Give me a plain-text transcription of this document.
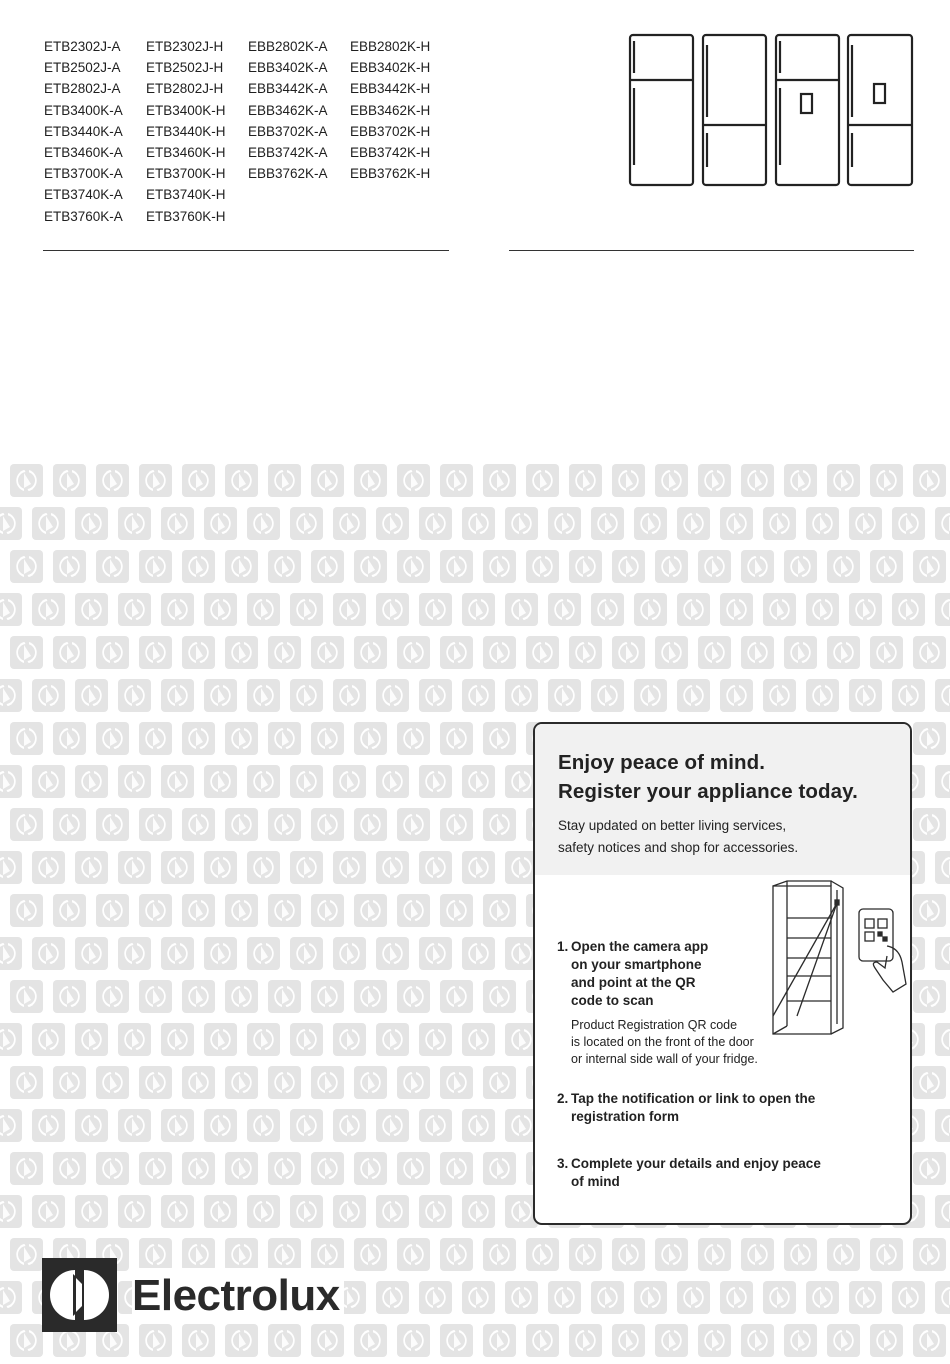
ETB2302J-A
ETB2502J-A
ETB2802J-A
ETB3400K-A
ETB3440K-A
ETB3460K-A
ETB3700K-A
ETB3740K-A
ETB3760K-A
ETB2302J-H
ETB2502J-H
ETB2802J-H
ETB3400K-H
ETB3440K-H
ETB3460K-H
ETB3700K-H
ETB3740K-H
ETB3760K-H
EBB2802K-A
EBB3402K-A
EBB3442K-A
EBB3462K-A
EBB3702K-A
EBB3742K-A
EBB3762K-A
EBB2802K-H
EBB3402K-H
EBB3442K-H
EBB3462K-H
EBB3702K-H
EBB3742K-H
EBB3762K-H
Enjoy peace of mind.
Register your appliance today.
Stay updated on better living services,
safety notices and shop for accessories.
1. Open the camera app
on your smartphone
and point at the QR
code to scan
Product Registration QR code
is located on the front of the door
or internal side wall of your fridge.
2. Tap the notification or link to open the
registration form
3. Complete your details and enjoy peace
of mind
Electrolux
